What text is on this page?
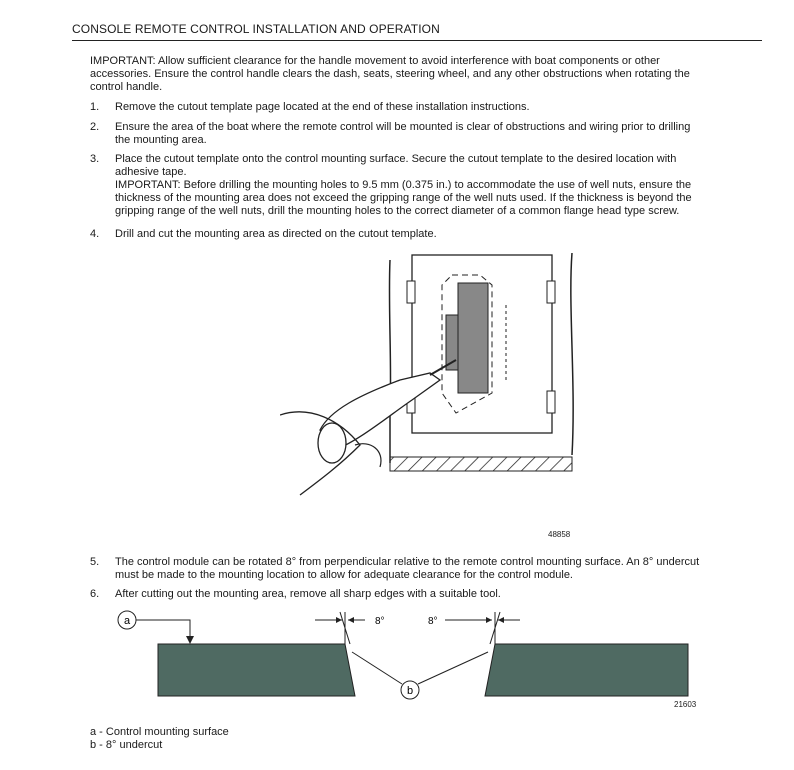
CONSOLE REMOTE CONTROL INSTALLATION AND OPERATION
IMPORTANT: Allow sufficient clearance for the handle movement to avoid interference with boat components or other
accessories. Ensure the control handle clears the dash, seats, steering wheel, and any other obstructions when rotating the
control handle.
1.	Remove the cutout template page located at the end of these installation instructions.
2.	Ensure the area of the boat where the remote control will be mounted is clear of obstructions and wiring prior to drilling
the mounting area.
3.	Place the cutout template onto the control mounting surface. Secure the cutout template to the desired location with
adhesive tape.
IMPORTANT: Before drilling the mounting holes to 9.5 mm (0.375 in.) to accommodate the use of well nuts, ensure the
thickness of the mounting area does not exceed the gripping range of the well nuts used. If the thickness is beyond the
gripping range of the well nuts, drill the mounting holes to the correct diameter of a common flange head type screw.
4.	Drill and cut the mounting area as directed on the cutout template.
48858
5.	The control module can be rotated 8° from perpendicular relative to the remote control mounting surface. An 8° undercut
must be made to the mounting location to allow for adequate clearance for the control module.
6.	After cutting out the mounting area, remove all sharp edges with a suitable tool.
a	8°	8°
b
21603
a - Control mounting surface
b - 8° undercut
